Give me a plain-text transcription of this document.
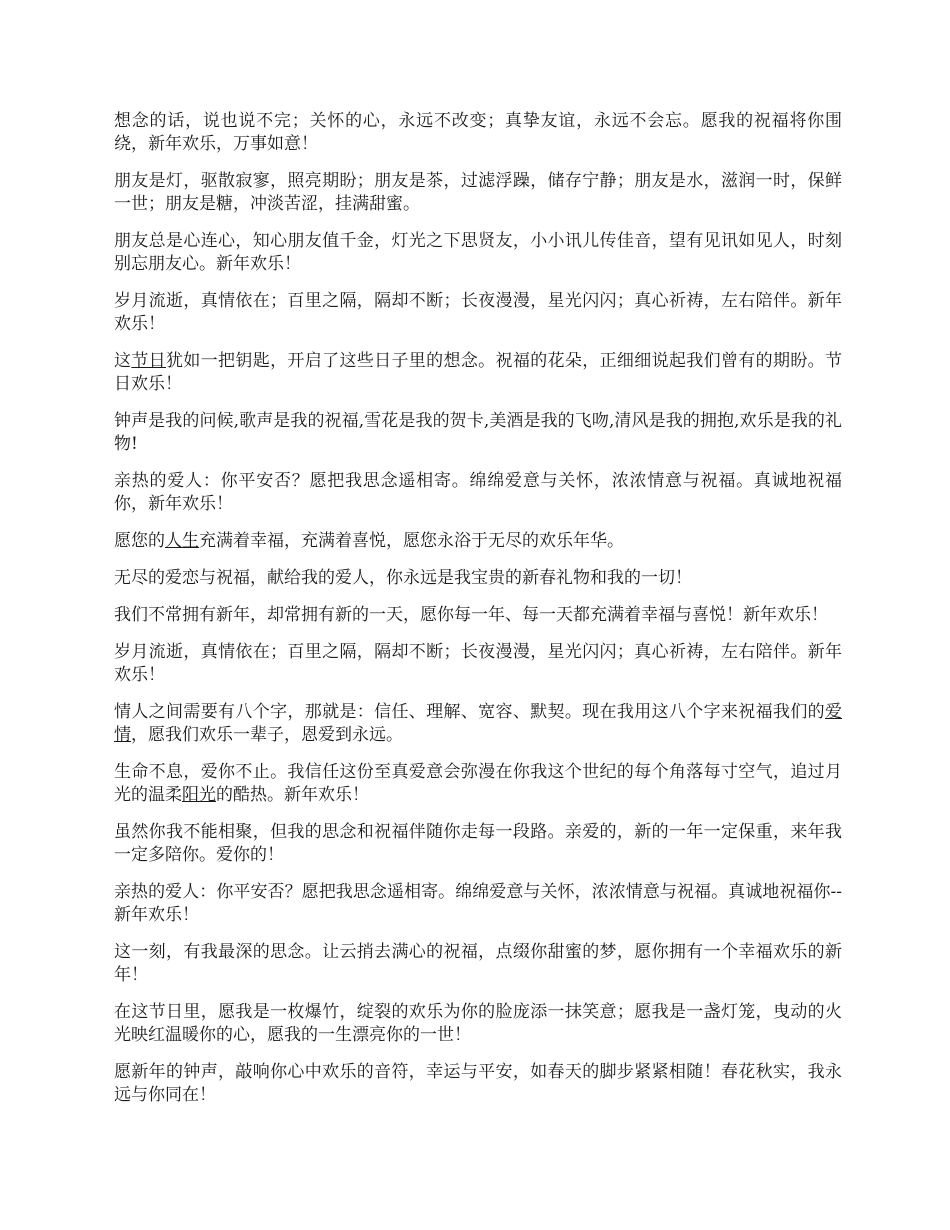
想念的话，说也说不完；关怀的心，永远不改变；真挚友谊，永远不会忘。愿我的祝福将你围绕，新年欢乐，万事如意！

朋友是灯，驱散寂寥，照亮期盼；朋友是茶，过滤浮躁，储存宁静；朋友是水，滋润一时，保鲜一世；朋友是糖，冲淡苦涩，挂满甜蜜。

朋友总是心连心，知心朋友值千金，灯光之下思贤友，小小讯儿传佳音，望有见讯如见人，时刻别忘朋友心。新年欢乐！

岁月流逝，真情依在；百里之隔，隔却不断；长夜漫漫，星光闪闪；真心祈祷，左右陪伴。新年欢乐！

这节日犹如一把钥匙，开启了这些日子里的想念。祝福的花朵，正细细说起我们曾有的期盼。节日欢乐！

钟声是我的问候,歌声是我的祝福,雪花是我的贺卡,美酒是我的飞吻,清风是我的拥抱,欢乐是我的礼物!

亲热的爱人：你平安否？愿把我思念遥相寄。绵绵爱意与关怀，浓浓情意与祝福。真诚地祝福你，新年欢乐！

愿您的人生充满着幸福，充满着喜悦，愿您永浴于无尽的欢乐年华。

无尽的爱恋与祝福，献给我的爱人，你永远是我宝贵的新春礼物和我的一切！

我们不常拥有新年，却常拥有新的一天，愿你每一年、每一天都充满着幸福与喜悦！新年欢乐！

岁月流逝，真情依在；百里之隔，隔却不断；长夜漫漫，星光闪闪；真心祈祷，左右陪伴。新年欢乐！

情人之间需要有八个字，那就是：信任、理解、宽容、默契。现在我用这八个字来祝福我们的爱情，愿我们欢乐一辈子，恩爱到永远。

生命不息，爱你不止。我信任这份至真爱意会弥漫在你我这个世纪的每个角落每寸空气，追过月光的温柔阳光的酷热。新年欢乐！

虽然你我不能相聚，但我的思念和祝福伴随你走每一段路。亲爱的，新的一年一定保重，来年我一定多陪你。爱你的！

亲热的爱人：你平安否？愿把我思念遥相寄。绵绵爱意与关怀，浓浓情意与祝福。真诚地祝福你--新年欢乐！

这一刻，有我最深的思念。让云捎去满心的祝福，点缀你甜蜜的梦，愿你拥有一个幸福欢乐的新年！

在这节日里，愿我是一枚爆竹，绽裂的欢乐为你的脸庞添一抹笑意；愿我是一盏灯笼，曳动的火光映红温暖你的心，愿我的一生漂亮你的一世！

愿新年的钟声，敲响你心中欢乐的音符，幸运与平安，如春天的脚步紧紧相随！春花秋实，我永远与你同在！
